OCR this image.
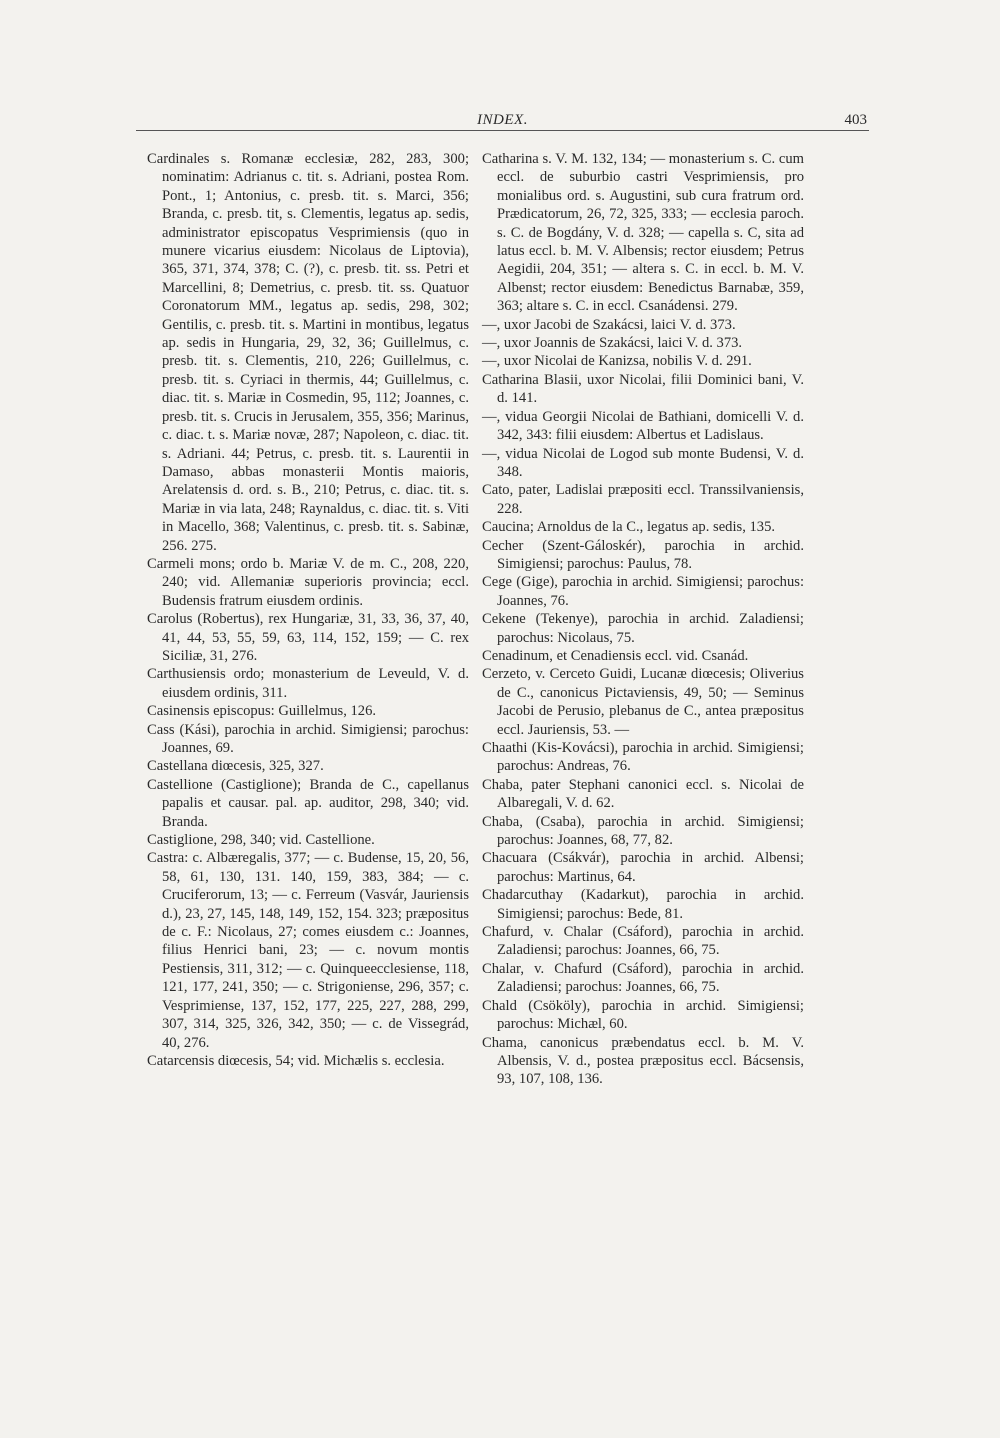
INDEX.	403

Cardinales s. Romanæ ecclesiæ, 282, 283, 300; nominatim: Adrianus c. tit. s. Adriani, postea Rom. Pont., 1; Antonius, c. presb. tit. s. Marci, 356; Branda, c. presb. tit, s. Clementis, legatus ap. sedis, administrator episcopatus Vesprimiensis (quo in munere vicarius eiusdem: Nicolaus de Liptovia), 365, 371, 374, 378; C. (?), c. presb. tit. ss. Petri et Marcellini, 8; Demetrius, c. presb. tit. ss. Quatuor Coronatorum MM., legatus ap. sedis, 298, 302; Gentilis, c. presb. tit. s. Martini in montibus, legatus ap. sedis in Hungaria, 29, 32, 36; Guillelmus, c. presb. tit. s. Clementis, 210, 226; Guillelmus, c. presb. tit. s. Cyriaci in thermis, 44; Guillelmus, c. diac. tit. s. Mariæ in Cosmedin, 95, 112; Joannes, c. presb. tit. s. Crucis in Jerusalem, 355, 356; Marinus, c. diac. t. s. Mariæ novæ, 287; Napoleon, c. diac. tit. s. Adriani. 44; Petrus, c. presb. tit. s. Laurentii in Damaso, abbas monasterii Montis maioris, Arelatensis d. ord. s. B., 210; Petrus, c. diac. tit. s. Mariæ in via lata, 248; Raynaldus, c. diac. tit. s. Viti in Macello, 368; Valentinus, c. presb. tit. s. Sabinæ, 256. 275.

Carmeli mons; ordo b. Mariæ V. de m. C., 208, 220, 240; vid. Allemaniæ superioris provincia; eccl. Budensis fratrum eiusdem ordinis.

Carolus (Robertus), rex Hungariæ, 31, 33, 36, 37, 40, 41, 44, 53, 55, 59, 63, 114, 152, 159; — C. rex Siciliæ, 31, 276.

Carthusiensis ordo; monasterium de Leveuld, V. d. eiusdem ordinis, 311.

Casinensis episcopus: Guillelmus, 126.

Cass (Kási), parochia in archid. Simigiensi; parochus: Joannes, 69.

Castellana diœcesis, 325, 327.

Castellione (Castiglione); Branda de C., capellanus papalis et causar. pal. ap. auditor, 298, 340; vid. Branda.

Castiglione, 298, 340; vid. Castellione.

Castra: c. Albæregalis, 377; — c. Budense, 15, 20, 56, 58, 61, 130, 131. 140, 159, 383, 384; — c. Cruciferorum, 13; — c. Ferreum (Vasvár, Jauriensis d.), 23, 27, 145, 148, 149, 152, 154. 323; præpositus de c. F.: Nicolaus, 27; comes eiusdem c.: Joannes, filius Henrici bani, 23; — c. novum montis Pestiensis, 311, 312; — c. Quinqueecclesiense, 118, 121, 177, 241, 350; — c. Strigoniense, 296, 357; c. Vesprimiense, 137, 152, 177, 225, 227, 288, 299, 307, 314, 325, 326, 342, 350; — c. de Vissegrád, 40, 276.

Catarcensis diœcesis, 54; vid. Michælis s. ecclesia.

Catharina s. V. M. 132, 134; — monasterium s. C. cum eccl. de suburbio castri Vesprimiensis, pro monialibus ord. s. Augustini, sub cura fratrum ord. Prædicatorum, 26, 72, 325, 333; — ecclesia paroch. s. C. de Bogdány, V. d. 328; — capella s. C, sita ad latus eccl. b. M. V. Albensis; rector eiusdem; Petrus Aegidii, 204, 351; — altera s. C. in eccl. b. M. V. Albenst; rector eiusdem: Benedictus Barnabæ, 359, 363; altare s. C. in eccl. Csanádensi. 279.

—, uxor Jacobi de Szakácsi, laici V. d. 373.

—, uxor Joannis de Szakácsi, laici V. d. 373.

—, uxor Nicolai de Kanizsa, nobilis V. d. 291.

Catharina Blasii, uxor Nicolai, filii Dominici bani, V. d. 141.

—, vidua Georgii Nicolai de Bathiani, domicelli V. d. 342, 343: filii eiusdem: Albertus et Ladislaus.

—, vidua Nicolai de Logod sub monte Budensi, V. d. 348.

Cato, pater, Ladislai præpositi eccl. Transsilvaniensis, 228.

Caucina; Arnoldus de la C., legatus ap. sedis, 135.

Cecher (Szent-Gáloskér), parochia in archid. Simigiensi; parochus: Paulus, 78.

Cege (Gige), parochia in archid. Simigiensi; parochus: Joannes, 76.

Cekene (Tekenye), parochia in archid. Zaladiensi; parochus: Nicolaus, 75.

Cenadinum, et Cenadiensis eccl. vid. Csanád.

Cerzeto, v. Cerceto Guidi, Lucanæ diœcesis; Oliverius de C., canonicus Pictaviensis, 49, 50; — Seminus Jacobi de Perusio, plebanus de C., antea præpositus eccl. Jauriensis, 53. —

Chaathi (Kis-Kovácsi), parochia in archid. Simigiensi; parochus: Andreas, 76.

Chaba, pater Stephani canonici eccl. s. Nicolai de Albaregali, V. d. 62.

Chaba, (Csaba), parochia in archid. Simigiensi; parochus: Joannes, 68, 77, 82.

Chacuara (Csákvár), parochia in archid. Albensi; parochus: Martinus, 64.

Chadarcuthay (Kadarkut), parochia in archid. Simigiensi; parochus: Bede, 81.

Chafurd, v. Chalar (Csáford), parochia in archid. Zaladiensi; parochus: Joannes, 66, 75.

Chalar, v. Chafurd (Csáford), parochia in archid. Zaladiensi; parochus: Joannes, 66, 75.

Chald (Csököly), parochia in archid. Simigiensi; parochus: Michæl, 60.

Chama, canonicus præbendatus eccl. b. M. V. Albensis, V. d., postea præpositus eccl. Bácsensis, 93, 107, 108, 136.
